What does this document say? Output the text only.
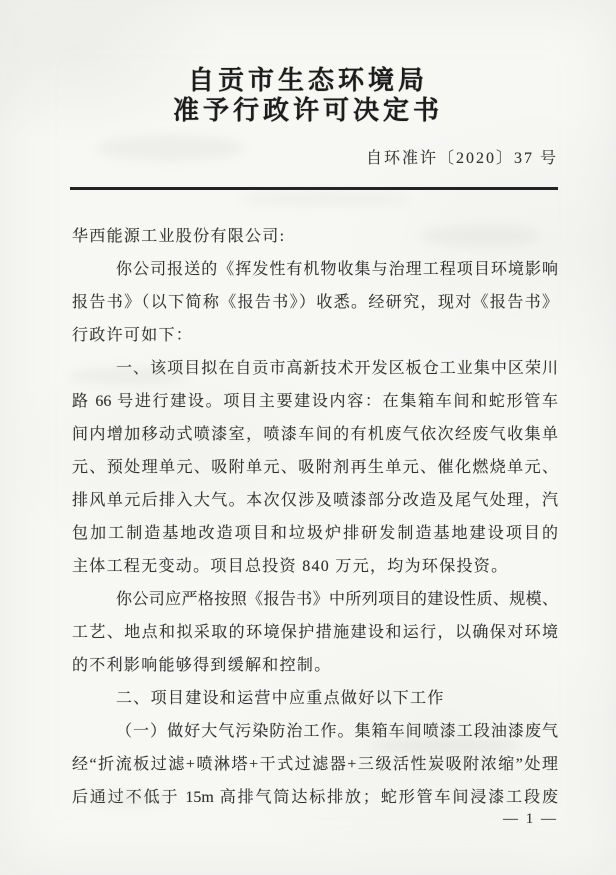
自贡市生态环境局
准予行政许可决定书
自环准许〔2020〕37 号
华西能源工业股份有限公司:
你公司报送的《挥发性有机物收集与治理工程项目环境影响
报告书》（以下简称《报告书》）收悉。经研究，现对《报告书》
行政许可如下：
一、该项目拟在自贡市高新技术开发区板仓工业集中区荣川
路 66 号进行建设。项目主要建设内容：在集箱车间和蛇形管车
间内增加移动式喷漆室，喷漆车间的有机废气依次经废气收集单
元、预处理单元、吸附单元、吸附剂再生单元、催化燃烧单元、
排风单元后排入大气。本次仅涉及喷漆部分改造及尾气处理，汽
包加工制造基地改造项目和垃圾炉排研发制造基地建设项目的
主体工程无变动。项目总投资 840 万元，均为环保投资。
你公司应严格按照《报告书》中所列项目的建设性质、规模、
工艺、地点和拟采取的环境保护措施建设和运行，以确保对环境
的不利影响能够得到缓解和控制。
二、项目建设和运营中应重点做好以下工作
（一）做好大气污染防治工作。集箱车间喷漆工段油漆废气
经“折流板过滤+喷淋塔+干式过滤器+三级活性炭吸附浓缩”处理
后通过不低于 15m 高排气筒达标排放；蛇形管车间浸漆工段废
— 1 —
